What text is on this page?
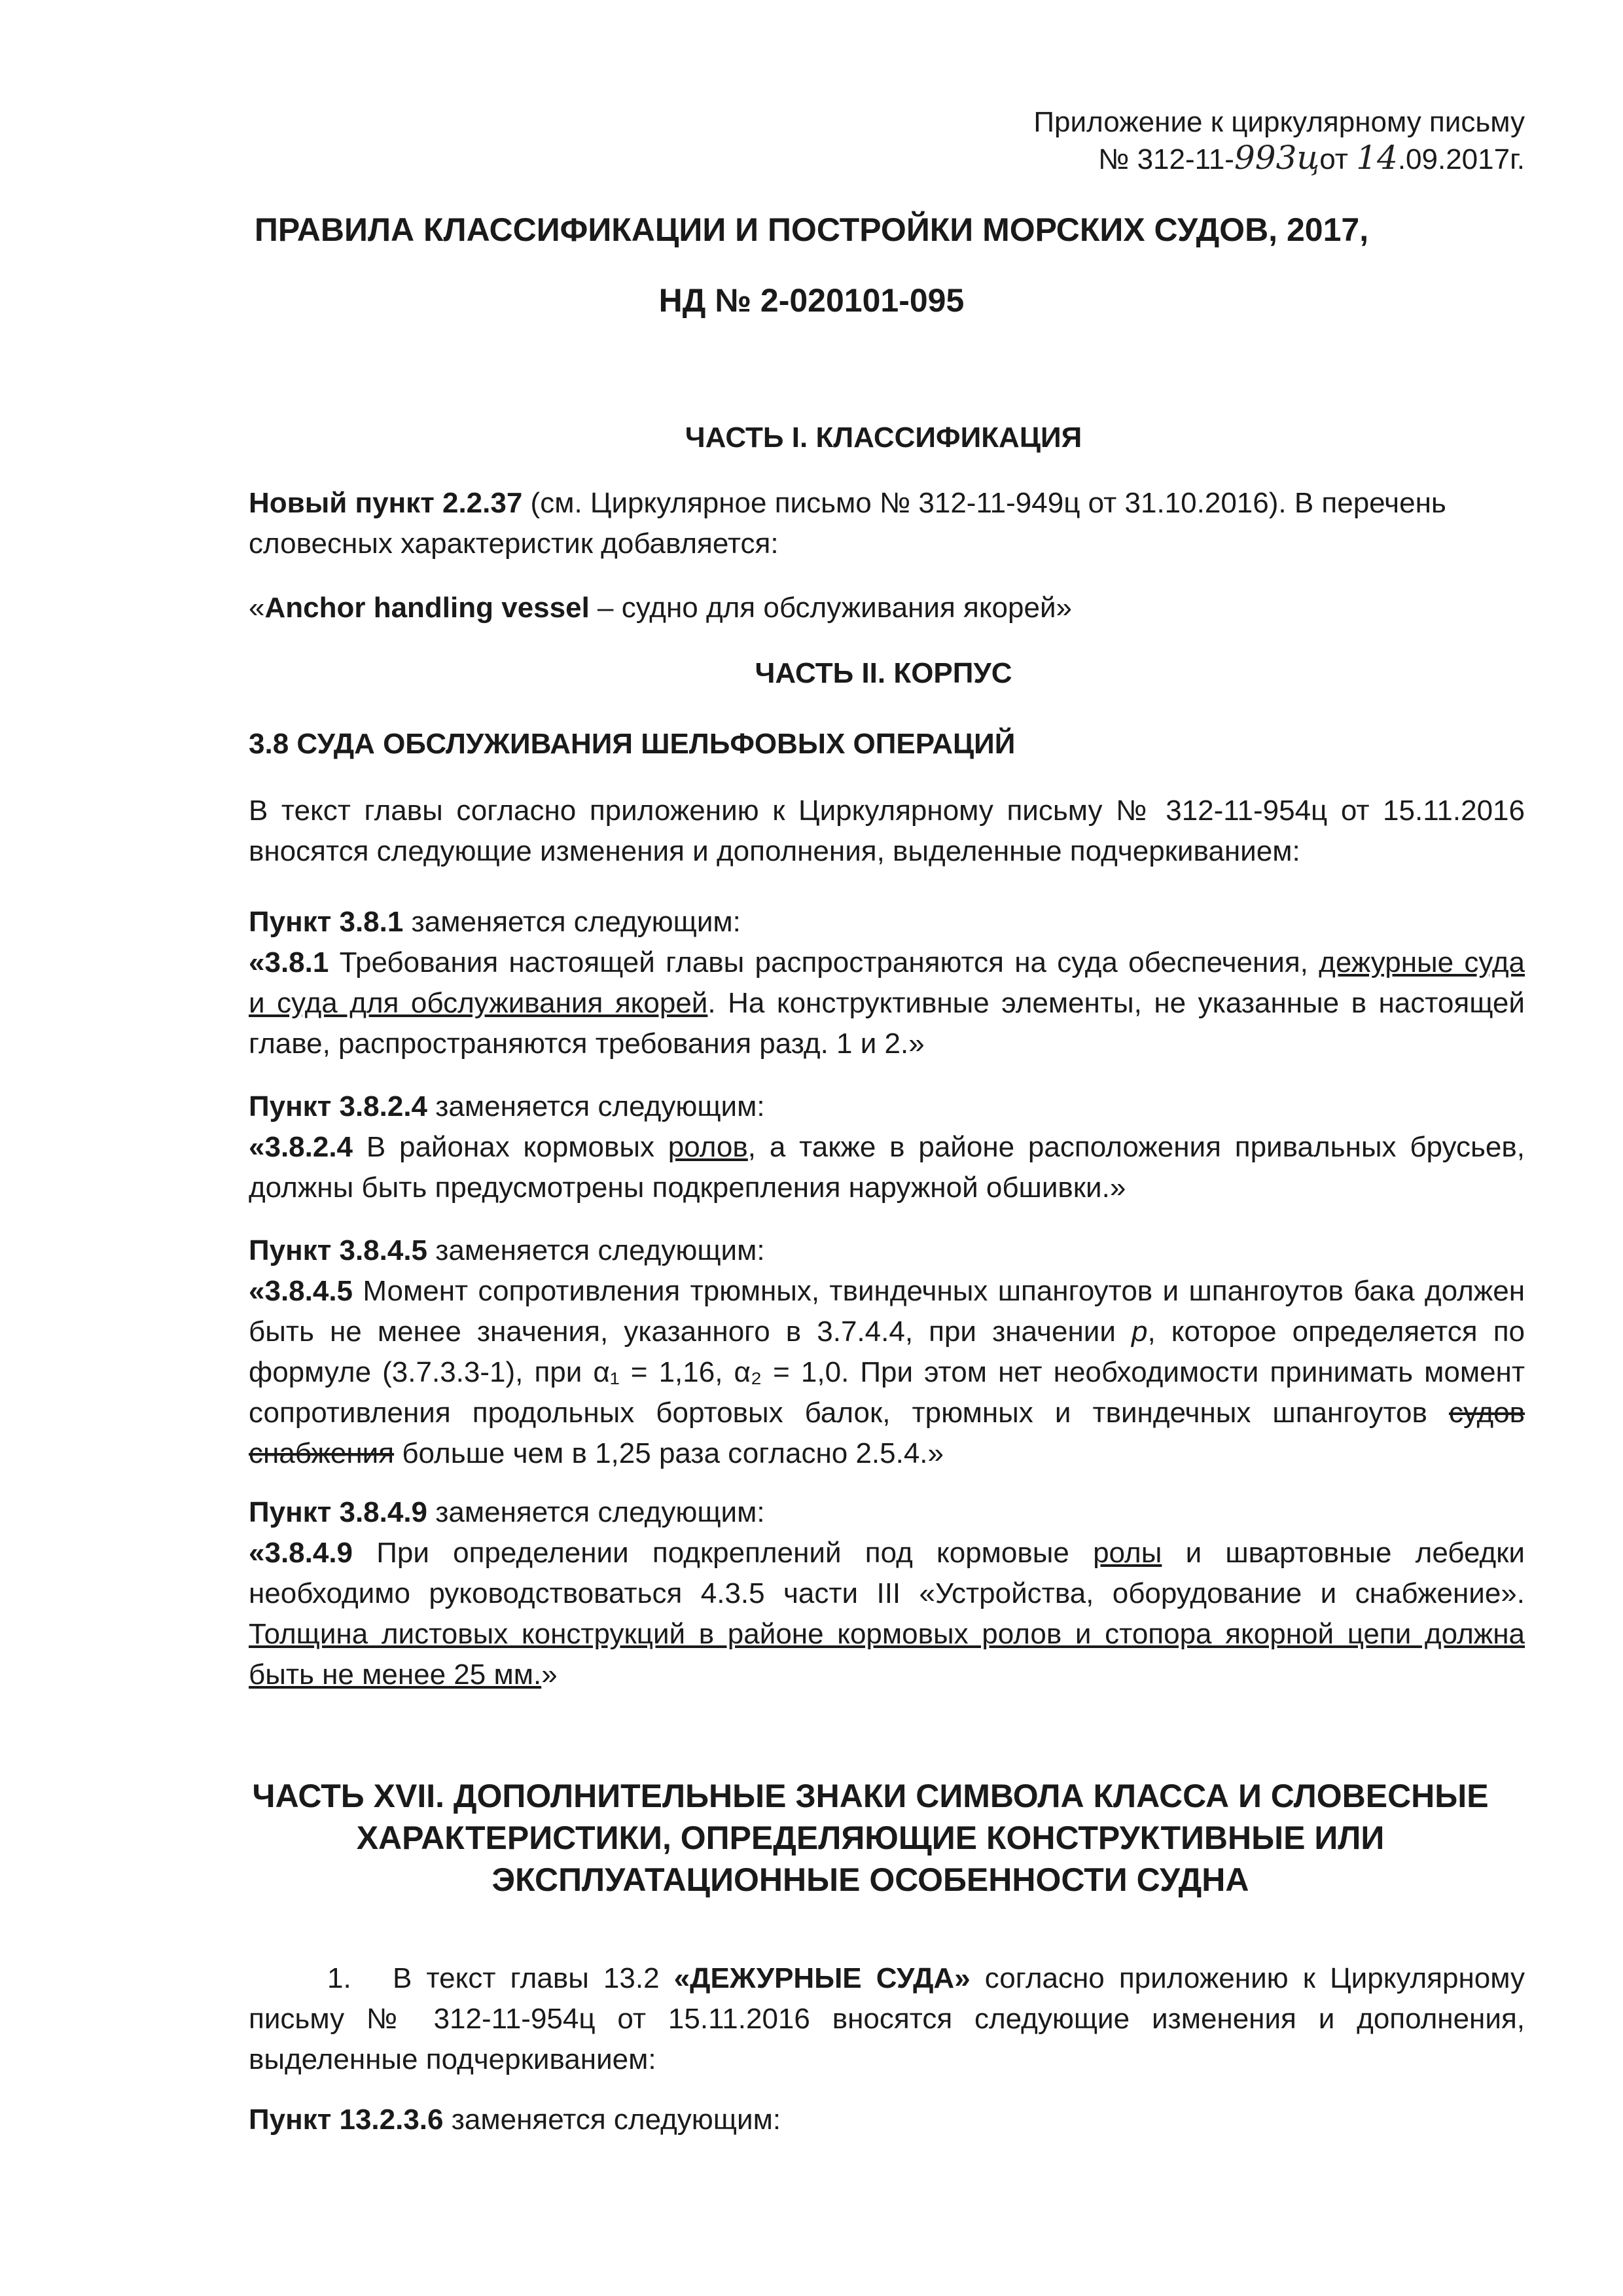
Приложение к циркулярному письму
№ 312-11-993цот 14.09.2017г.
ПРАВИЛА КЛАССИФИКАЦИИ И ПОСТРОЙКИ МОРСКИХ СУДОВ, 2017,
НД № 2-020101-095
ЧАСТЬ I. КЛАССИФИКАЦИЯ
Новый пункт 2.2.37 (см. Циркулярное письмо № 312-11-949ц от 31.10.2016). В перечень словесных характеристик добавляется:
«Anchor handling vessel – судно для обслуживания якорей»
ЧАСТЬ II. КОРПУС
3.8 СУДА ОБСЛУЖИВАНИЯ ШЕЛЬФОВЫХ ОПЕРАЦИЙ
В текст главы согласно приложению к Циркулярному письму № 312-11-954ц от 15.11.2016 вносятся следующие изменения и дополнения, выделенные подчеркиванием:
Пункт 3.8.1 заменяется следующим:
«3.8.1 Требования настоящей главы распространяются на суда обеспечения, дежурные суда и суда для обслуживания якорей. На конструктивные элементы, не указанные в настоящей главе, распространяются требования разд. 1 и 2.»
Пункт 3.8.2.4 заменяется следующим:
«3.8.2.4 В районах кормовых ролов, а также в районе расположения привальных брусьев, должны быть предусмотрены подкрепления наружной обшивки.»
Пункт 3.8.4.5 заменяется следующим:
«3.8.4.5 Момент сопротивления трюмных, твиндечных шпангоутов и шпангоутов бака должен быть не менее значения, указанного в 3.7.4.4, при значении p, которое определяется по формуле (3.7.3.3-1), при α₁ = 1,16, α₂ = 1,0. При этом нет необходимости принимать момент сопротивления продольных бортовых балок, трюмных и твиндечных шпангоутов судов снабжения больше чем в 1,25 раза согласно 2.5.4.»
Пункт 3.8.4.9 заменяется следующим:
«3.8.4.9 При определении подкреплений под кормовые ролы и швартовные лебедки необходимо руководствоваться 4.3.5 части III «Устройства, оборудование и снабжение». Толщина листовых конструкций в районе кормовых ролов и стопора якорной цепи должна быть не менее 25 мм.»
ЧАСТЬ XVII. ДОПОЛНИТЕЛЬНЫЕ ЗНАКИ СИМВОЛА КЛАССА И СЛОВЕСНЫЕ
ХАРАКТЕРИСТИКИ, ОПРЕДЕЛЯЮЩИЕ КОНСТРУКТИВНЫЕ ИЛИ
ЭКСПЛУАТАЦИОННЫЕ ОСОБЕННОСТИ СУДНА
1. В текст главы 13.2 «ДЕЖУРНЫЕ СУДА» согласно приложению к Циркулярному письму № 312-11-954ц от 15.11.2016 вносятся следующие изменения и дополнения, выделенные подчеркиванием:
Пункт 13.2.3.6 заменяется следующим:
